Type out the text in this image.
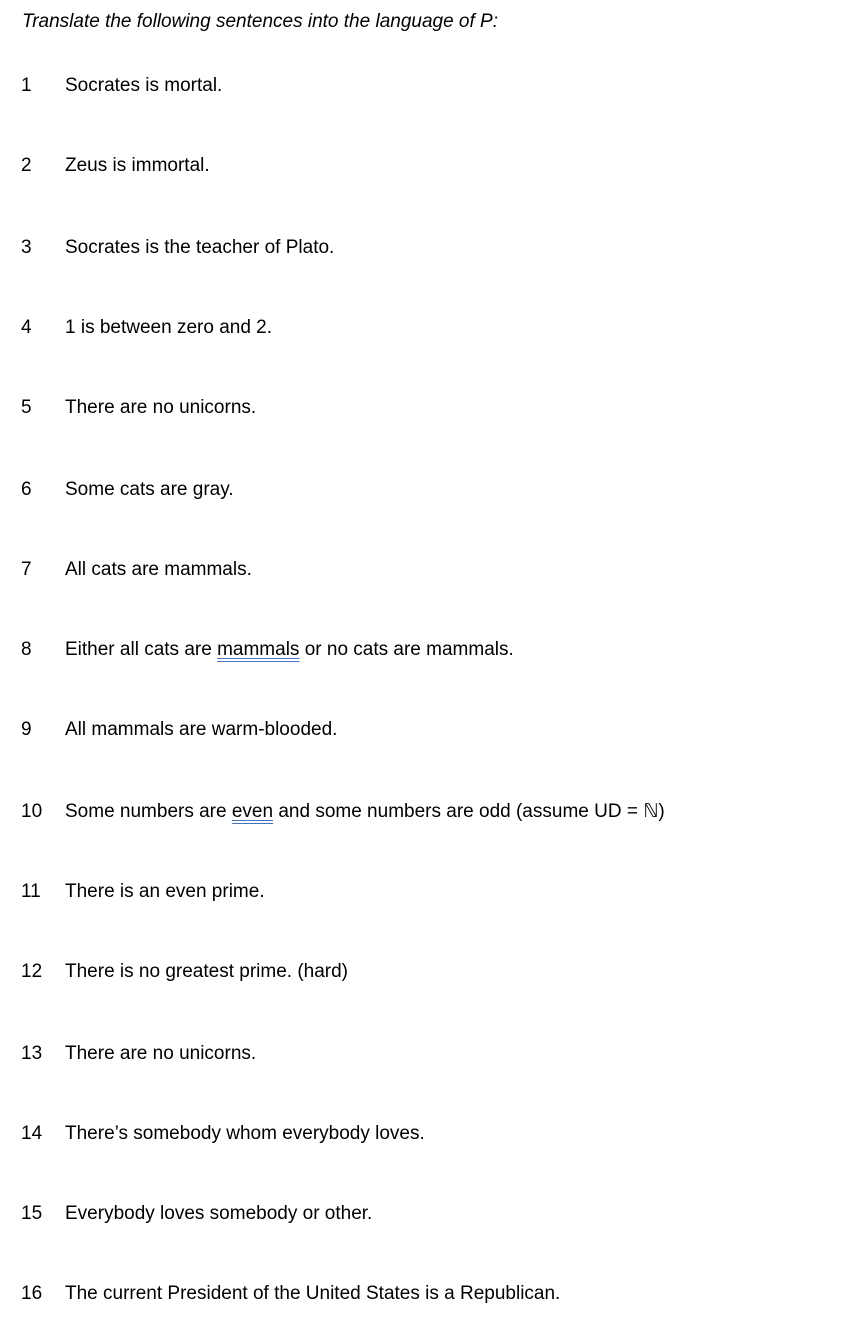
Translate the following sentences into the language of P:
1 Socrates is mortal.
2 Zeus is immortal.
3 Socrates is the teacher of Plato.
4 1 is between zero and 2.
5 There are no unicorns.
6 Some cats are gray.
7 All cats are mammals.
8 Either all cats are mammals or no cats are mammals.
9 All mammals are warm-blooded.
10 Some numbers are even and some numbers are odd (assume UD = ℕ)
11 There is an even prime.
12 There is no greatest prime. (hard)
13 There are no unicorns.
14 There’s somebody whom everybody loves.
15 Everybody loves somebody or other.
16 The current President of the United States is a Republican.
